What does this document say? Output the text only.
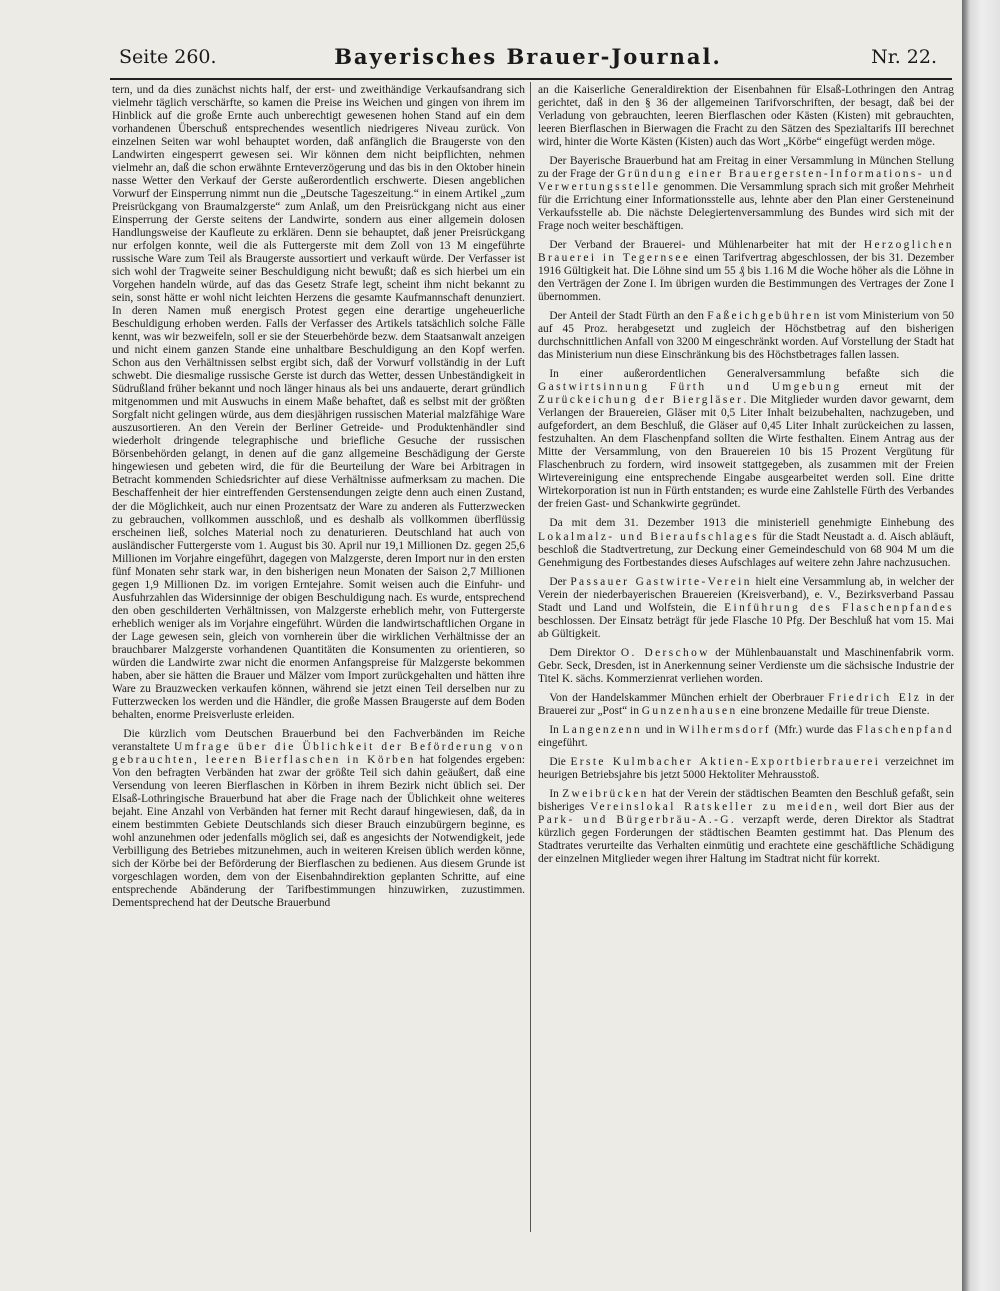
Seite 260.	Bayerisches Brauer-Journal.	Nr. 22.

tern, und da dies zunächst nichts half, der erst- und zweithändige Verkaufsandrang sich vielmehr täglich verschärfte, so kamen die Preise ins Weichen und gingen von ihrem im Hinblick auf die große Ernte auch unberechtigt gewesenen hohen Stand auf ein dem vorhandenen Überschuß entsprechendes wesentlich niedrigeres Niveau zurück. Von einzelnen Seiten war wohl behauptet worden, daß anfänglich die Braugerste von den Landwirten eingesperrt gewesen sei. Wir können dem nicht beipflichten, nehmen vielmehr an, daß die schon erwähnte Ernteverzögerung und das bis in den Oktober hinein nasse Wetter den Verkauf der Gerste außerordentlich erschwerte. Diesen angeblichen Vorwurf der Einsperrung nimmt nun die „Deutsche Tageszeitung.“ in einem Artikel „zum Preisrückgang von Braumalzgerste“ zum Anlaß, um den Preisrückgang nicht aus einer Einsperrung der Gerste seitens der Landwirte, sondern aus einer allgemein dolosen Handlungsweise der Kaufleute zu erklären. Denn sie behauptet, daß jener Preisrückgang nur erfolgen konnte, weil die als Futtergerste mit dem Zoll von 13 M eingeführte russische Ware zum Teil als Braugerste aussortiert und verkauft würde. Der Verfasser ist sich wohl der Tragweite seiner Beschuldigung nicht bewußt; daß es sich hierbei um ein Vorgehen handeln würde, auf das das Gesetz Strafe legt, scheint ihm nicht bekannt zu sein, sonst hätte er wohl nicht leichten Herzens die gesamte Kaufmannschaft denunziert. In deren Namen muß energisch Protest gegen eine derartige ungeheuerliche Beschuldigung erhoben werden. Falls der Verfasser des Artikels tatsächlich solche Fälle kennt, was wir bezweifeln, soll er sie der Steuerbehörde bezw. dem Staatsanwalt anzeigen und nicht einem ganzen Stande eine unhaltbare Beschuldigung an den Kopf werfen. Schon aus den Verhältnissen selbst ergibt sich, daß der Vorwurf vollständig in der Luft schwebt. Die diesmalige russische Gerste ist durch das Wetter, dessen Unbeständigkeit in Südrußland früher bekannt und noch länger hinaus als bei uns andauerte, derart gründlich mitgenommen und mit Auswuchs in einem Maße behaftet, daß es selbst mit der größten Sorgfalt nicht gelingen würde, aus dem diesjährigen russischen Material malzfähige Ware auszusortieren. An den Verein der Berliner Getreide- und Produktenhändler sind wiederholt dringende telegraphische und briefliche Gesuche der russischen Börsenbehörden gelangt, in denen auf die ganz allgemeine Beschädigung der Gerste hingewiesen und gebeten wird, die für die Beurteilung der Ware bei Arbitragen in Betracht kommenden Schiedsrichter auf diese Verhältnisse aufmerksam zu machen. Die Beschaffenheit der hier eintreffenden Gerstensendungen zeigte denn auch einen Zustand, der die Möglichkeit, auch nur einen Prozentsatz der Ware zu anderen als Futterzwecken zu gebrauchen, vollkommen ausschloß, und es deshalb als vollkommen überflüssig erscheinen ließ, solches Material noch zu denaturieren. Deutschland hat auch von ausländischer Futtergerste vom 1. August bis 30. April nur 19,1 Millionen Dz. gegen 25,6 Millionen im Vorjahre eingeführt, dagegen von Malzgerste, deren Import nur in den ersten fünf Monaten sehr stark war, in den bisherigen neun Monaten der Saison 2,7 Millionen gegen 1,9 Millionen Dz. im vorigen Erntejahre. Somit weisen auch die Einfuhr- und Ausfuhrzahlen das Widersinnige der obigen Beschuldigung nach. Es wurde, entsprechend den oben geschilderten Verhältnissen, von Malzgerste erheblich mehr, von Futtergerste erheblich weniger als im Vorjahre eingeführt. Würden die landwirtschaftlichen Organe in der Lage gewesen sein, gleich von vornherein über die wirklichen Verhältnisse der an brauchbarer Malzgerste vorhandenen Quantitäten die Konsumenten zu orientieren, so würden die Landwirte zwar nicht die enormen Anfangspreise für Malzgerste bekommen haben, aber sie hätten die Brauer und Mälzer vom Import zurückgehalten und hätten ihre Ware zu Brauzwecken verkaufen können, während sie jetzt einen Teil derselben nur zu Futterzwecken los werden und die Händler, die große Massen Braugerste auf dem Boden behalten, enorme Preisverluste erleiden.

 Die kürzlich vom Deutschen Brauerbund bei den Fachverbänden im Reiche veranstaltete Umfrage über die Üblichkeit der Beförderung von gebrauchten, leeren Bierflaschen in Körben hat folgendes ergeben: Von den befragten Verbänden hat zwar der größte Teil sich dahin geäußert, daß eine Versendung von leeren Bierflaschen in Körben in ihrem Bezirk nicht üblich sei. Der Elsaß-Lothringische Brauerbund hat aber die Frage nach der Üblichkeit ohne weiteres bejaht. Eine Anzahl von Verbänden hat ferner mit Recht darauf hingewiesen, daß, da in einem bestimmten Gebiete Deutschlands sich dieser Brauch einzubürgern beginne, es wohl anzunehmen oder jedenfalls möglich sei, daß es angesichts der Notwendigkeit, jede Verbilligung des Betriebes mitzunehmen, auch in weiteren Kreisen üblich werden könne, sich der Körbe bei der Beförderung der Bierflaschen zu bedienen. Aus diesem Grunde ist vorgeschlagen worden, dem von der Eisenbahndirektion geplanten Schritte, auf eine entsprechende Abänderung der Tarifbestimmungen hinzuwirken, zuzustimmen. Dementsprechend hat der Deutsche Brauerbund

an die Kaiserliche Generaldirektion der Eisenbahnen für Elsaß-Lothringen den Antrag gerichtet, daß in den § 36 der allgemeinen Tarifvorschriften, der besagt, daß bei der Verladung von gebrauchten, leeren Bierflaschen oder Kästen (Kisten) mit gebrauchten, leeren Bierflaschen in Bierwagen die Fracht zu den Sätzen des Spezialtarifs III berechnet wird, hinter die Worte Kästen (Kisten) auch das Wort „Körbe“ eingefügt werden möge.

 Der Bayerische Brauerbund hat am Freitag in einer Versammlung in München Stellung zu der Frage der Gründung einer Brauergersten-Informations- und Verwertungsstelle genommen. Die Versammlung sprach sich mit großer Mehrheit für die Errichtung einer Informationsstelle aus, lehnte aber den Plan einer Gersteneinund Verkaufsstelle ab. Die nächste Delegiertenversammlung des Bundes wird sich mit der Frage noch weiter beschäftigen.

 Der Verband der Brauerei- und Mühlenarbeiter hat mit der Herzoglichen Brauerei in Tegernsee einen Tarifvertrag abgeschlossen, der bis 31. Dezember 1916 Gültigkeit hat. Die Löhne sind um 55 ₰ bis 1.16 M die Woche höher als die Löhne in den Verträgen der Zone I. Im übrigen wurden die Bestimmungen des Vertrages der Zone I übernommen.

 Der Anteil der Stadt Fürth an den Faßeichgebühren ist vom Ministerium von 50 auf 45 Proz. herabgesetzt und zugleich der Höchstbetrag auf den bisherigen durchschnittlichen Anfall von 3200 M eingeschränkt worden. Auf Vorstellung der Stadt hat das Ministerium nun diese Einschränkung bis des Höchstbetrages fallen lassen.

 In einer außerordentlichen Generalversammlung befaßte sich die Gastwirtsinnung Fürth und Umgebung erneut mit der Zurückeichung der Biergläser. Die Mitglieder wurden davor gewarnt, dem Verlangen der Brauereien, Gläser mit 0,5 Liter Inhalt beizubehalten, nachzugeben, und aufgefordert, an dem Beschluß, die Gläser auf 0,45 Liter Inhalt zurückeichen zu lassen, festzuhalten. An dem Flaschenpfand sollten die Wirte festhalten. Einem Antrag aus der Mitte der Versammlung, von den Brauereien 10 bis 15 Prozent Vergütung für Flaschenbruch zu fordern, wird insoweit stattgegeben, als zusammen mit der Freien Wirtevereinigung eine entsprechende Eingabe ausgearbeitet werden soll. Eine dritte Wirtekorporation ist nun in Fürth entstanden; es wurde eine Zahlstelle Fürth des Verbandes der freien Gast- und Schankwirte gegründet.

 Da mit dem 31. Dezember 1913 die ministeriell genehmigte Einhebung des Lokalmalz- und Bieraufschlages für die Stadt Neustadt a. d. Aisch abläuft, beschloß die Stadtvertretung, zur Deckung einer Gemeindeschuld von 68 904 M um die Genehmigung des Fortbestandes dieses Aufschlages auf weitere zehn Jahre nachzusuchen.

 Der Passauer Gastwirte-Verein hielt eine Versammlung ab, in welcher der Verein der niederbayerischen Brauereien (Kreisverband), e. V., Bezirksverband Passau Stadt und Land und Wolfstein, die Einführung des Flaschenpfandes beschlossen. Der Einsatz beträgt für jede Flasche 10 Pfg. Der Beschluß hat vom 15. Mai ab Gültigkeit.

 Dem Direktor O. Derschow der Mühlenbauanstalt und Maschinenfabrik vorm. Gebr. Seck, Dresden, ist in Anerkennung seiner Verdienste um die sächsische Industrie der Titel K. sächs. Kommerzienrat verliehen worden.

 Von der Handelskammer München erhielt der Oberbrauer Friedrich Elz in der Brauerei zur „Post“ in Gunzenhausen eine bronzene Medaille für treue Dienste.

 In Langenzenn und in Wilhermsdorf (Mfr.) wurde das Flaschenpfand eingeführt.

 Die Erste Kulmbacher Aktien-Exportbierbrauerei verzeichnet im heurigen Betriebsjahre bis jetzt 5000 Hektoliter Mehrausstoß.

 In Zweibrücken hat der Verein der städtischen Beamten den Beschluß gefaßt, sein bisheriges Vereinslokal Ratskeller zu meiden, weil dort Bier aus der Park- und Bürgerbräu-A.-G. verzapft werde, deren Direktor als Stadtrat kürzlich gegen Forderungen der städtischen Beamten gestimmt hat. Das Plenum des Stadtrates verurteilte das Verhalten einmütig und erachtete eine geschäftliche Schädigung der einzelnen Mitglieder wegen ihrer Haltung im Stadtrat nicht für korrekt.
